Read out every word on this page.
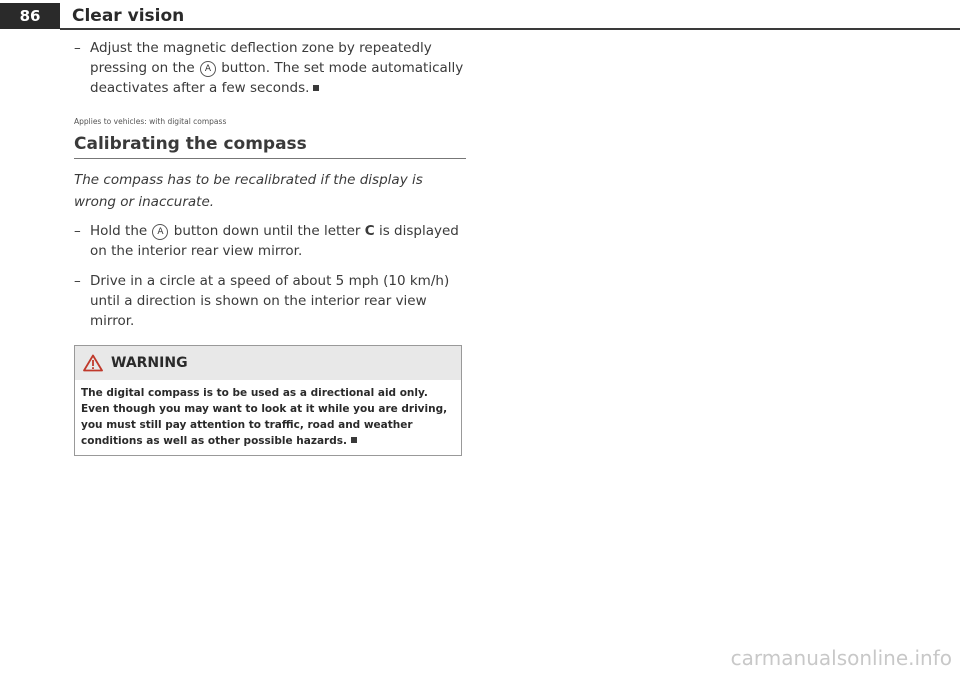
86	Clear vision
– Adjust the magnetic deflection zone by repeatedly pressing on the A button. The set mode automatically deactivates after a few seconds.
Applies to vehicles: with digital compass
Calibrating the compass
The compass has to be recalibrated if the display is wrong or inaccurate.
– Hold the A button down until the letter C is displayed on the interior rear view mirror.
– Drive in a circle at a speed of about 5 mph (10 km/h) until a direction is shown on the interior rear view mirror.
WARNING
The digital compass is to be used as a directional aid only. Even though you may want to look at it while you are driving, you must still pay attention to traffic, road and weather conditions as well as other possible hazards.
carmanualsonline.info
